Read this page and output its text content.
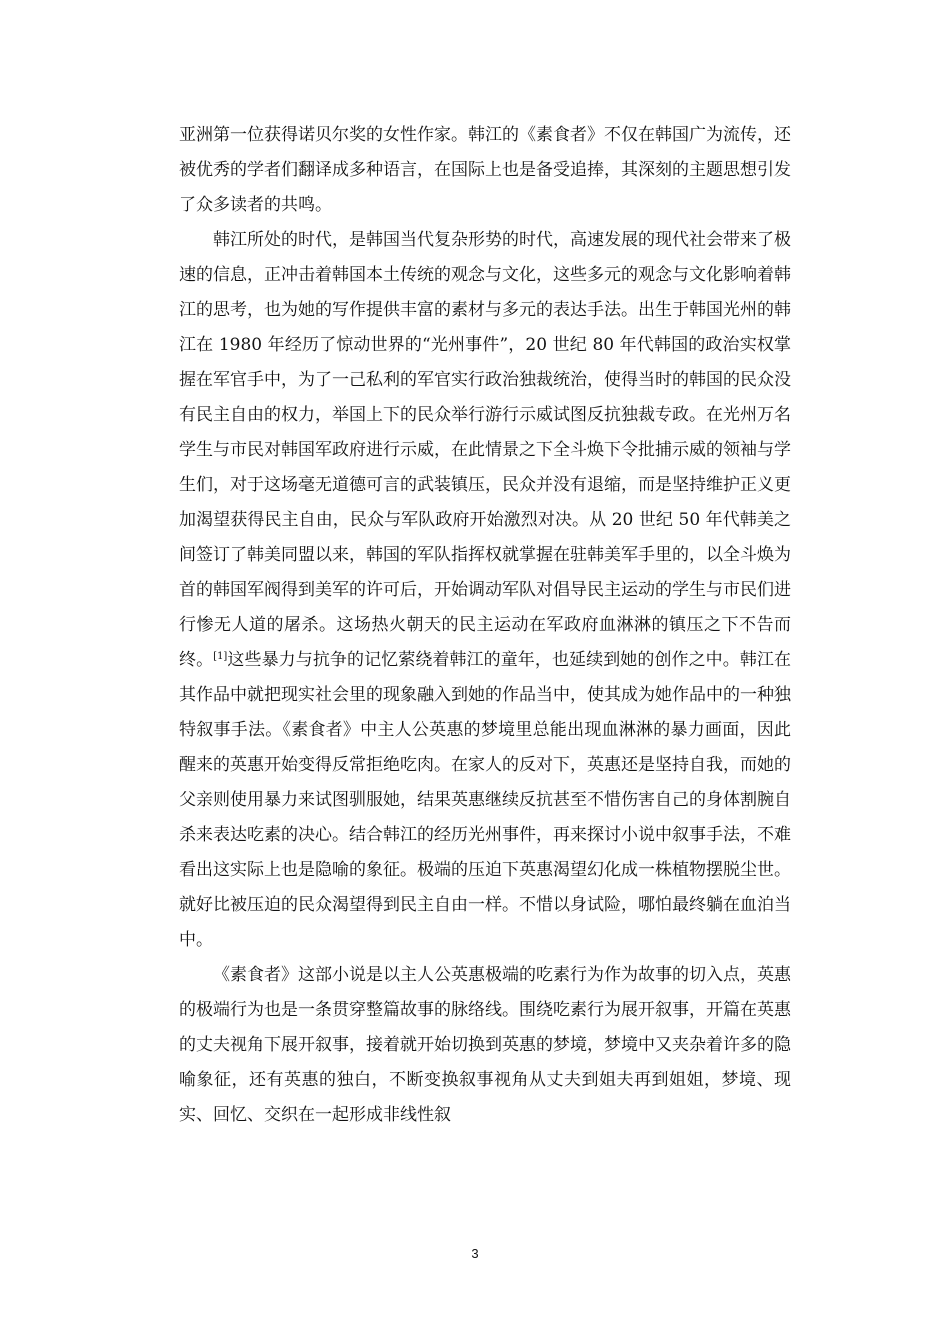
亚洲第一位获得诺贝尔奖的女性作家。韩江的《素食者》不仅在韩国广为流传，还被优秀的学者们翻译成多种语言，在国际上也是备受追捧，其深刻的主题思想引发了众多读者的共鸣。

韩江所处的时代，是韩国当代复杂形势的时代，高速发展的现代社会带来了极速的信息，正冲击着韩国本土传统的观念与文化，这些多元的观念与文化影响着韩江的思考，也为她的写作提供丰富的素材与多元的表达手法。出生于韩国光州的韩江在 1980 年经历了惊动世界的“光州事件”，20 世纪 80 年代韩国的政治实权掌握在军官手中，为了一己私利的军官实行政治独裁统治，使得当时的韩国的民众没有民主自由的权力，举国上下的民众举行游行示威试图反抗独裁专政。在光州万名学生与市民对韩国军政府进行示威，在此情景之下全斗焕下令批捕示威的领袖与学生们，对于这场毫无道德可言的武装镇压，民众并没有退缩，而是坚持维护正义更加渴望获得民主自由，民众与军队政府开始激烈对决。从 20 世纪 50 年代韩美之间签订了韩美同盟以来，韩国的军队指挥权就掌握在驻韩美军手里的，以全斗焕为首的韩国军阀得到美军的许可后，开始调动军队对倡导民主运动的学生与市民们进行惨无人道的屠杀。这场热火朝天的民主运动在军政府血淋淋的镇压之下不告而终。[1]这些暴力与抗争的记忆萦绕着韩江的童年，也延续到她的创作之中。韩江在其作品中就把现实社会里的现象融入到她的作品当中，使其成为她作品中的一种独特叙事手法。《素食者》中主人公英惠的梦境里总能出现血淋淋的暴力画面，因此醒来的英惠开始变得反常拒绝吃肉。在家人的反对下，英惠还是坚持自我，而她的父亲则使用暴力来试图驯服她，结果英惠继续反抗甚至不惜伤害自己的身体割腕自杀来表达吃素的决心。结合韩江的经历光州事件，再来探讨小说中叙事手法，不难看出这实际上也是隐喻的象征。极端的压迫下英惠渴望幻化成一株植物摆脱尘世。就好比被压迫的民众渴望得到民主自由一样。不惜以身试险，哪怕最终躺在血泊当中。

《素食者》这部小说是以主人公英惠极端的吃素行为作为故事的切入点，英惠的极端行为也是一条贯穿整篇故事的脉络线。围绕吃素行为展开叙事，开篇在英惠的丈夫视角下展开叙事，接着就开始切换到英惠的梦境，梦境中又夹杂着许多的隐喻象征，还有英惠的独白，不断变换叙事视角从丈夫到姐夫再到姐姐，梦境、现实、回忆、交织在一起形成非线性叙

3
